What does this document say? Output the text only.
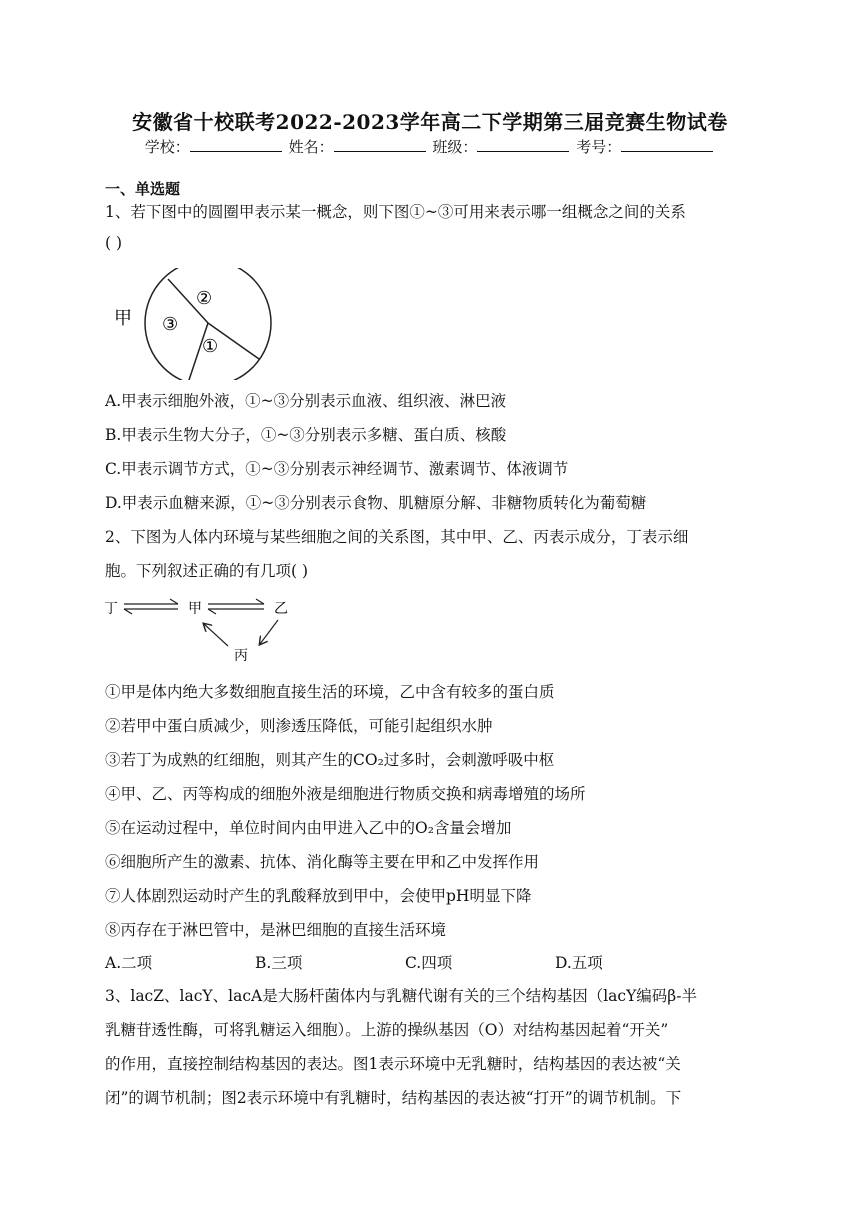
安徽省十校联考2022-2023学年高二下学期第三届竞赛生物试卷
学校：	姓名：	班级：	考号：
一、单选题
1、若下图中的圆圈甲表示某一概念，则下图①~③可用来表示哪一组概念之间的关系
( )
甲
②
③
①
A.甲表示细胞外液，①~③分别表示血液、组织液、淋巴液
B.甲表示生物大分子，①~③分别表示多糖、蛋白质、核酸
C.甲表示调节方式，①~③分别表示神经调节、激素调节、体液调节
D.甲表示血糖来源，①~③分别表示食物、肌糖原分解、非糖物质转化为葡萄糖
2、下图为人体内环境与某些细胞之间的关系图，其中甲、乙、丙表示成分，丁表示细
胞。下列叙述正确的有几项( )
丁	甲	乙
丙
①甲是体内绝大多数细胞直接生活的环境，乙中含有较多的蛋白质
②若甲中蛋白质减少，则渗透压降低，可能引起组织水肿
③若丁为成熟的红细胞，则其产生的CO₂过多时，会刺激呼吸中枢
④甲、乙、丙等构成的细胞外液是细胞进行物质交换和病毒增殖的场所
⑤在运动过程中，单位时间内由甲进入乙中的O₂含量会增加
⑥细胞所产生的激素、抗体、消化酶等主要在甲和乙中发挥作用
⑦人体剧烈运动时产生的乳酸释放到甲中，会使甲pH明显下降
⑧丙存在于淋巴管中，是淋巴细胞的直接生活环境
A.二项	B.三项	C.四项	D.五项
3、lacZ、lacY、lacA是大肠杆菌体内与乳糖代谢有关的三个结构基因（lacY编码β-半
乳糖苷透性酶，可将乳糖运入细胞）。上游的操纵基因（O）对结构基因起着“开关”
的作用，直接控制结构基因的表达。图1表示环境中无乳糖时，结构基因的表达被“关
闭”的调节机制；图2表示环境中有乳糖时，结构基因的表达被“打开”的调节机制。下
